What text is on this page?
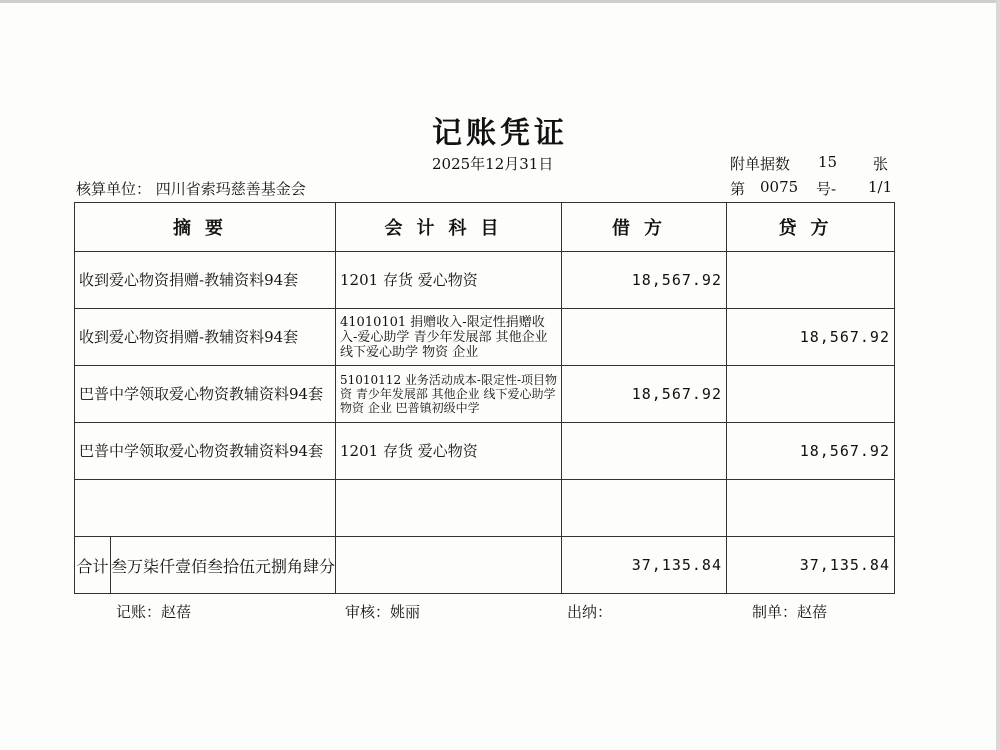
记账凭证
2025年12月31日	附单据数 15 张
核算单位： 四川省索玛慈善基金会	第 0075 号- 1/1
摘要	会计科目	借方	贷方
收到爱心物资捐赠-教辅资料94套	1201 存货 爱心物资	18,567.92	
收到爱心物资捐赠-教辅资料94套	41010101 捐赠收入-限定性捐赠收入-爱心助学 青少年发展部 其他企业 线下爱心助学 物资 企业		18,567.92
巴普中学领取爱心物资教辅资料94套	51010112 业务活动成本-限定性-项目物资 青少年发展部 其他企业 线下爱心助学 物资 企业 巴普镇初级中学	18,567.92	
巴普中学领取爱心物资教辅资料94套	1201 存货 爱心物资		18,567.92

合计 叁万柒仟壹佰叁拾伍元捌角肆分		37,135.84	37,135.84
记账：赵蓓	审核：姚丽	出纳：	制单：赵蓓
